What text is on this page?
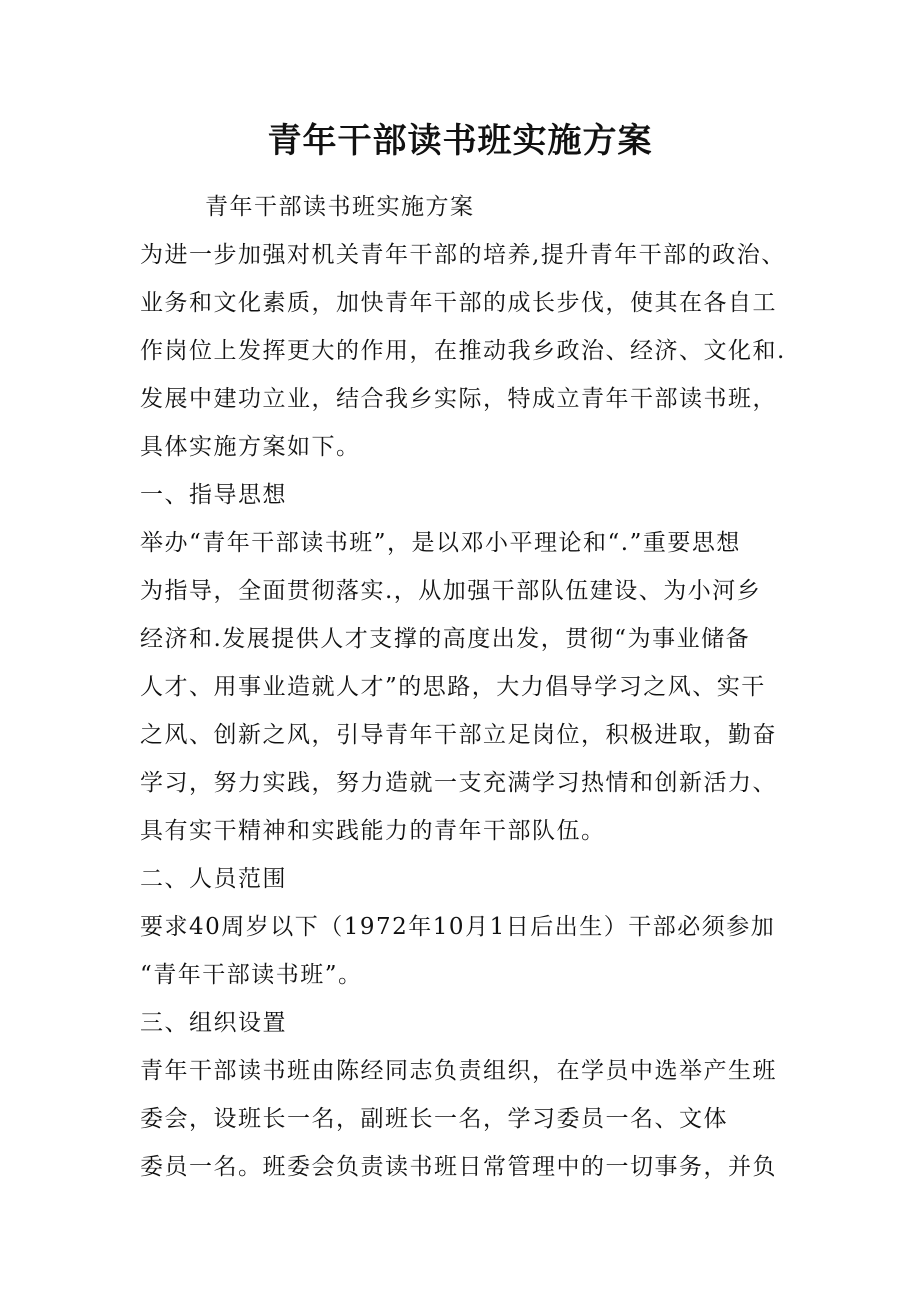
青年干部读书班实施方案
青年干部读书班实施方案
为进一步加强对机关青年干部的培养,提升青年干部的政治、
业务和文化素质，加快青年干部的成长步伐，使其在各自工
作岗位上发挥更大的作用，在推动我乡政治、经济、文化和.
发展中建功立业，结合我乡实际，特成立青年干部读书班，
具体实施方案如下。
一、指导思想
举办“青年干部读书班”，是以邓小平理论和“.”重要思想
为指导，全面贯彻落实.，从加强干部队伍建设、为小河乡
经济和.发展提供人才支撑的高度出发，贯彻“为事业储备
人才、用事业造就人才”的思路，大力倡导学习之风、实干
之风、创新之风，引导青年干部立足岗位，积极进取，勤奋
学习，努力实践，努力造就一支充满学习热情和创新活力、
具有实干精神和实践能力的青年干部队伍。
二、人员范围
要求40周岁以下（1972年10月1日后出生）干部必须参加
“青年干部读书班”。
三、组织设置
青年干部读书班由陈经同志负责组织，在学员中选举产生班
委会，设班长一名，副班长一名，学习委员一名、文体
委员一名。班委会负责读书班日常管理中的一切事务，并负
